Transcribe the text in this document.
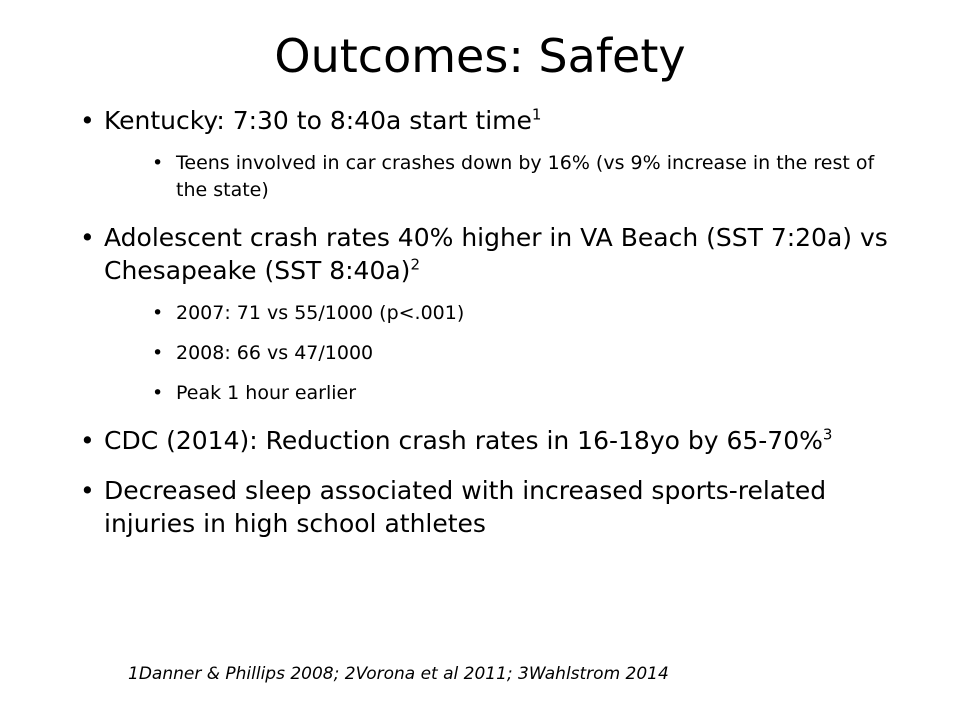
Outcomes: Safety
• Kentucky: 7:30 to 8:40a start time$^1$
• Teens involved in car crashes down by 16% (vs 9% increase in the rest of the state)
• Adolescent crash rates 40% higher in VA Beach (SST 7:20a) vs Chesapeake (SST 8:40a)$^2$
• 2007: 71 vs 55/1000 (p<.001)
• 2008: 66 vs 47/1000
• Peak 1 hour earlier
• CDC (2014): Reduction crash rates in 16-18yo by 65-70%$^3$
• Decreased sleep associated with increased sports-related injuries in high school athletes
1Danner & Phillips 2008; 2Vorona et al 2011; 3Wahlstrom 2014
